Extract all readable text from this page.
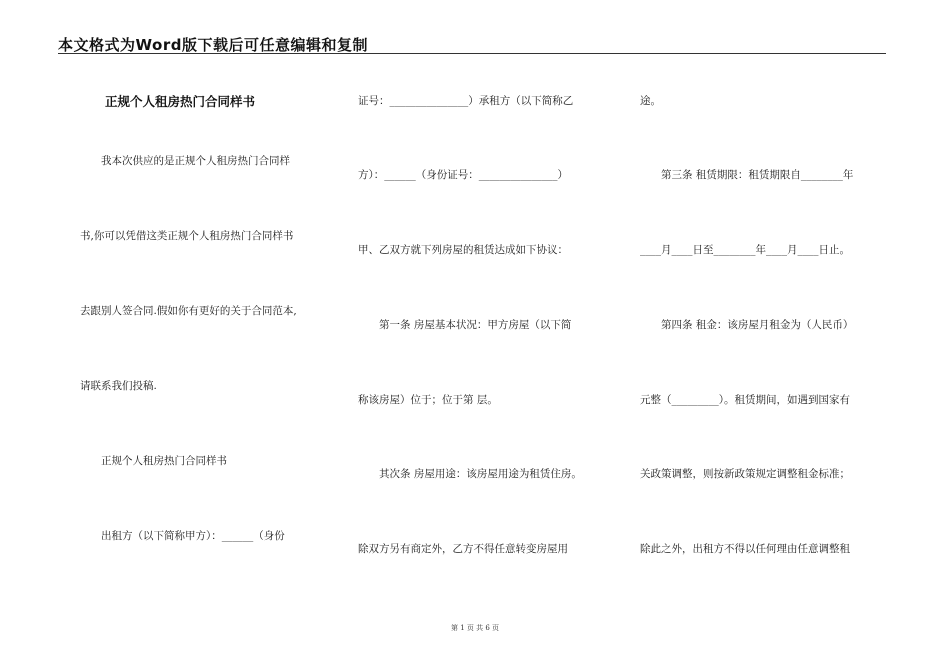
本文格式为Word版下载后可任意编辑和复制
正规个人租房热门合同样书
我本次供应的是正规个人租房热门合同样
书,你可以凭借这类正规个人租房热门合同样书
去跟别人签合同.假如你有更好的关于合同范本,
请联系我们投稿.
正规个人租房热门合同样书
出租方（以下简称甲方）：______（身份
证号：_______________）承租方（以下简称乙
方）：______（身份证号：_______________）
甲、乙双方就下列房屋的租赁达成如下协议：
第一条 房屋基本状况：甲方房屋（以下简
称该房屋）位于；位于第 层。
其次条 房屋用途：该房屋用途为租赁住房。
除双方另有商定外，乙方不得任意转变房屋用
途。
第三条 租赁期限：租赁期限自________年
____月____日至________年____月____日止。
第四条 租金：该房屋月租金为（人民币）
元整（_________）。租赁期间，如遇到国家有
关政策调整，则按新政策规定调整租金标准；
除此之外，出租方不得以任何理由任意调整租
第 1 页 共 6 页
